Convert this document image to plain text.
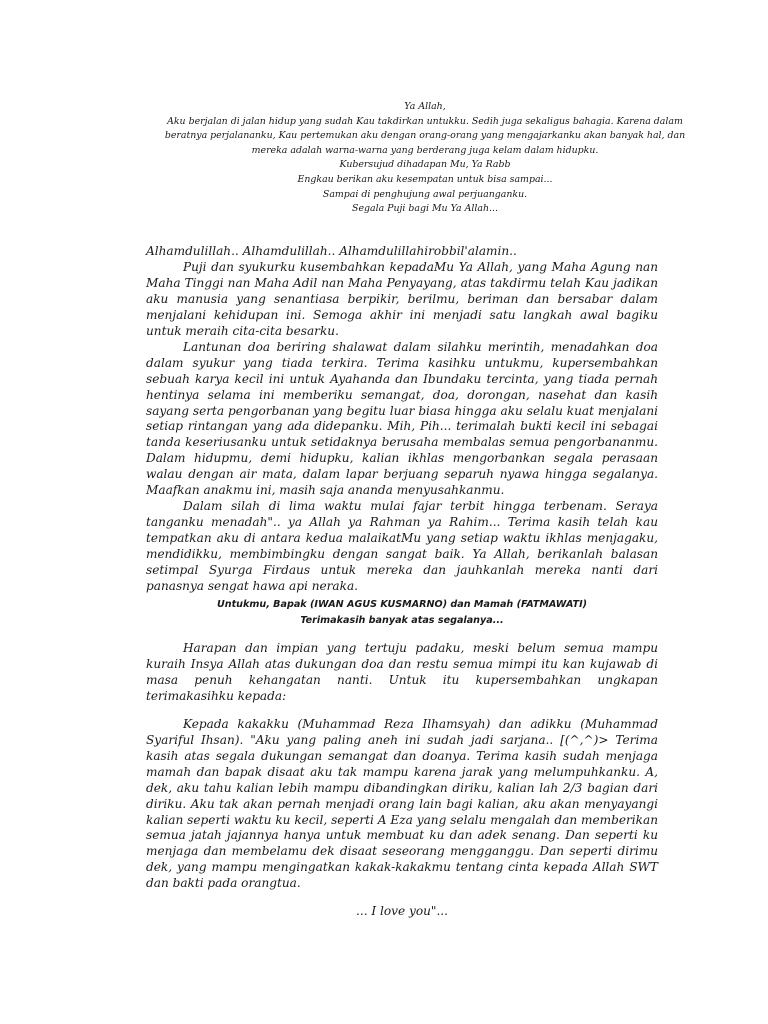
Ya Allah,
Aku berjalan di jalan hidup yang sudah Kau takdirkan untukku. Sedih juga sekaligus bahagia. Karena dalam
beratnya perjalananku, Kau pertemukan aku dengan orang-orang yang mengajarkanku akan banyak hal, dan
mereka adalah warna-warna yang berderang juga kelam dalam hidupku.
Kubersujud dihadapan Mu, Ya Rabb
Engkau berikan aku kesempatan untuk bisa sampai...
Sampai di penghujung awal perjuanganku.
Segala Puji bagi Mu Ya Allah...

Alhamdulillah.. Alhamdulillah.. Alhamdulillahirobbil'alamin..

Puji dan syukurku kusembahkan kepadaMu Ya Allah, yang Maha Agung nan Maha Tinggi nan Maha Adil nan Maha Penyayang, atas takdirmu telah Kau jadikan aku manusia yang senantiasa berpikir, berilmu, beriman dan bersabar dalam menjalani kehidupan ini. Semoga akhir ini menjadi satu langkah awal bagiku untuk meraih cita-cita besarku.

Lantunan doa beriring shalawat dalam silahku merintih, menadahkan doa dalam syukur yang tiada terkira. Terima kasihku untukmu, kupersembahkan sebuah karya kecil ini untuk Ayahanda dan Ibundaku tercinta, yang tiada pernah hentinya selama ini memberiku semangat, doa, dorongan, nasehat dan kasih sayang serta pengorbanan yang begitu luar biasa hingga aku selalu kuat menjalani setiap rintangan yang ada didepanku. Mih, Pih... terimalah bukti kecil ini sebagai tanda keseriusanku untuk setidaknya berusaha membalas semua pengorbananmu. Dalam hidupmu, demi hidupku, kalian ikhlas mengorbankan segala perasaan walau dengan air mata, dalam lapar berjuang separuh nyawa hingga segalanya. Maafkan anakmu ini, masih saja ananda menyusahkanmu.

Dalam silah di lima waktu mulai fajar terbit hingga terbenam. Seraya tanganku menadah".. ya Allah ya Rahman ya Rahim... Terima kasih telah kau tempatkan aku di antara kedua malaikatMu yang setiap waktu ikhlas menjagaku, mendidikku, membimbingku dengan sangat baik. Ya Allah, berikanlah balasan setimpal Syurga Firdaus untuk mereka dan jauhkanlah mereka nanti dari panasnya sengat hawa api neraka.

Untukmu, Bapak (IWAN AGUS KUSMARNO) dan Mamah (FATMAWATI)
Terimakasih banyak atas segalanya...

Harapan dan impian yang tertuju padaku, meski belum semua mampu kuraih Insya Allah atas dukungan doa dan restu semua mimpi itu kan kujawab di masa penuh kehangatan nanti. Untuk itu kupersembahkan ungkapan terimakasihku kepada:

Kepada kakakku (Muhammad Reza Ilhamsyah) dan adikku (Muhammad Syariful Ihsan). "Aku yang paling aneh ini sudah jadi sarjana.. [(^,^)> Terima kasih atas segala dukungan semangat dan doanya. Terima kasih sudah menjaga mamah dan bapak disaat aku tak mampu karena jarak yang melumpuhkanku. A, dek, aku tahu kalian lebih mampu dibandingkan diriku, kalian lah 2/3 bagian dari diriku. Aku tak akan pernah menjadi orang lain bagi kalian, aku akan menyayangi kalian seperti waktu ku kecil, seperti A Eza yang selalu mengalah dan memberikan semua jatah jajannya hanya untuk membuat ku dan adek senang. Dan seperti ku menjaga dan membelamu dek disaat seseorang mengganggu. Dan seperti dirimu dek, yang mampu mengingatkan kakak-kakakmu tentang cinta kepada Allah SWT dan bakti pada orangtua.

... I love you"...
